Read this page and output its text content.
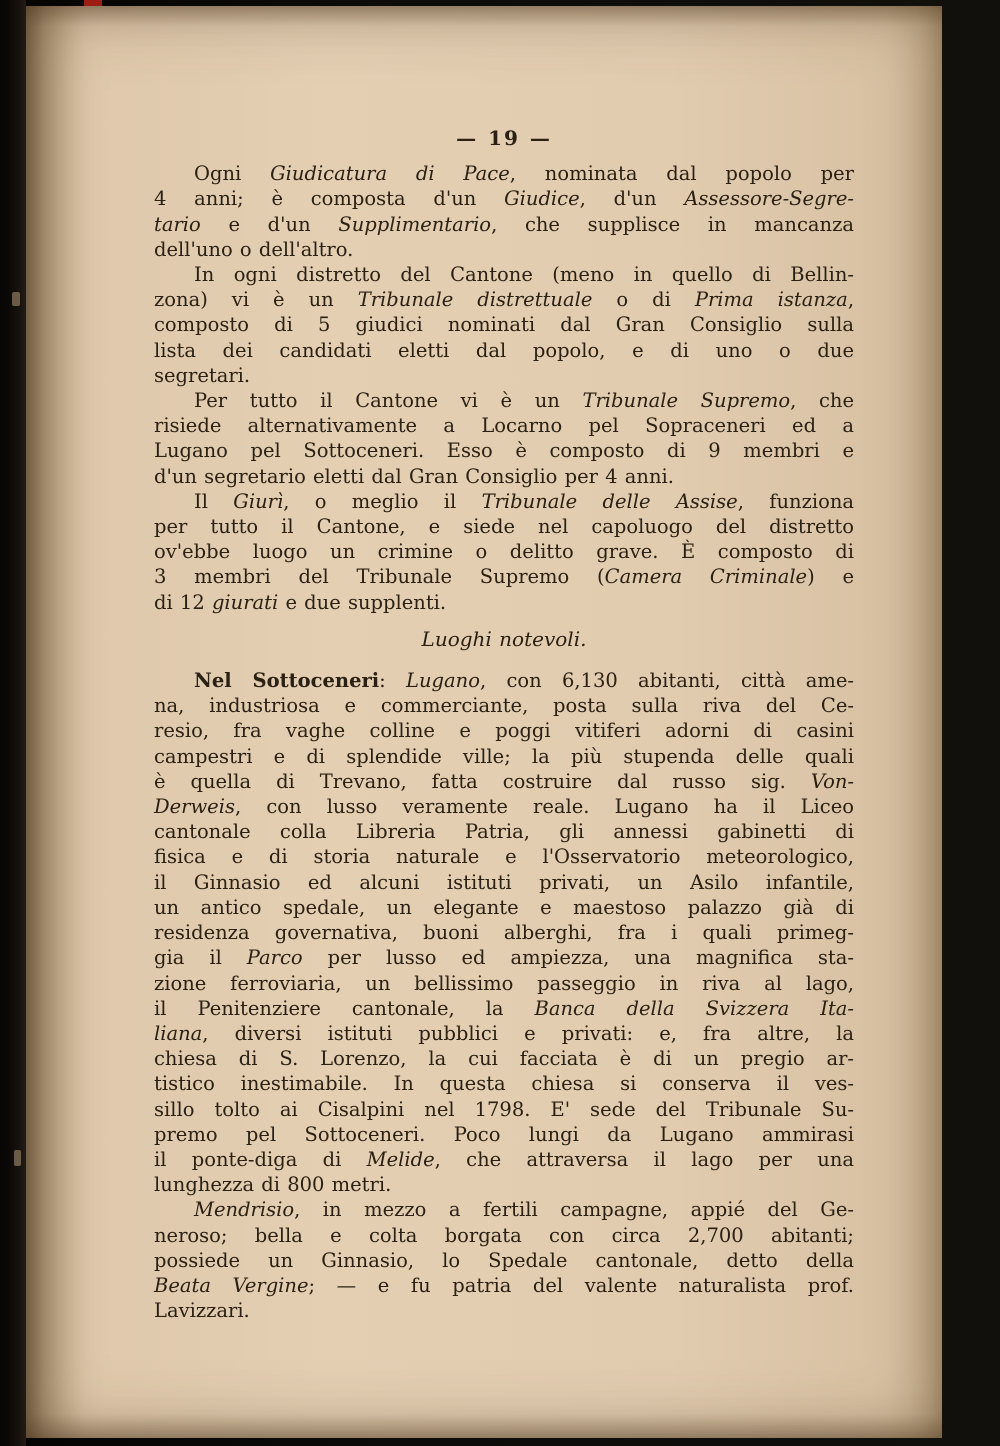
— 19 —
Ogni Giudicatura di Pace, nominata dal popolo per
4 anni; è composta d'un Giudice, d'un Assessore-Segre-
tario e d'un Supplimentario, che supplisce in mancanza
dell'uno o dell'altro.
In ogni distretto del Cantone (meno in quello di Bellin-
zona) vi è un Tribunale distrettuale o di Prima istanza,
composto di 5 giudici nominati dal Gran Consiglio sulla
lista dei candidati eletti dal popolo, e di uno o due
segretari.
Per tutto il Cantone vi è un Tribunale Supremo, che
risiede alternativamente a Locarno pel Sopraceneri ed a
Lugano pel Sottoceneri. Esso è composto di 9 membri e
d'un segretario eletti dal Gran Consiglio per 4 anni.
Il Giurì, o meglio il Tribunale delle Assise, funziona
per tutto il Cantone, e siede nel capoluogo del distretto
ov'ebbe luogo un crimine o delitto grave. È composto di
3 membri del Tribunale Supremo (Camera Criminale) e
di 12 giurati e due supplenti.
Luoghi notevoli.
Nel Sottoceneri: Lugano, con 6,130 abitanti, città ame-
na, industriosa e commerciante, posta sulla riva del Ce-
resio, fra vaghe colline e poggi vitiferi adorni di casini
campestri e di splendide ville; la più stupenda delle quali
è quella di Trevano, fatta costruire dal russo sig. Von-
Derweis, con lusso veramente reale. Lugano ha il Liceo
cantonale colla Libreria Patria, gli annessi gabinetti di
fisica e di storia naturale e l'Osservatorio meteorologico,
il Ginnasio ed alcuni istituti privati, un Asilo infantile,
un antico spedale, un elegante e maestoso palazzo già di
residenza governativa, buoni alberghi, fra i quali primeg-
gia il Parco per lusso ed ampiezza, una magnifica sta-
zione ferroviaria, un bellissimo passeggio in riva al lago,
il Penitenziere cantonale, la Banca della Svizzera Ita-
liana, diversi istituti pubblici e privati: e, fra altre, la
chiesa di S. Lorenzo, la cui facciata è di un pregio ar-
tistico inestimabile. In questa chiesa si conserva il ves-
sillo tolto ai Cisalpini nel 1798. E' sede del Tribunale Su-
premo pel Sottoceneri. Poco lungi da Lugano ammirasi
il ponte-diga di Melide, che attraversa il lago per una
lunghezza di 800 metri.
Mendrisio, in mezzo a fertili campagne, appié del Ge-
neroso; bella e colta borgata con circa 2,700 abitanti;
possiede un Ginnasio, lo Spedale cantonale, detto della
Beata Vergine; — e fu patria del valente naturalista prof.
Lavizzari.
